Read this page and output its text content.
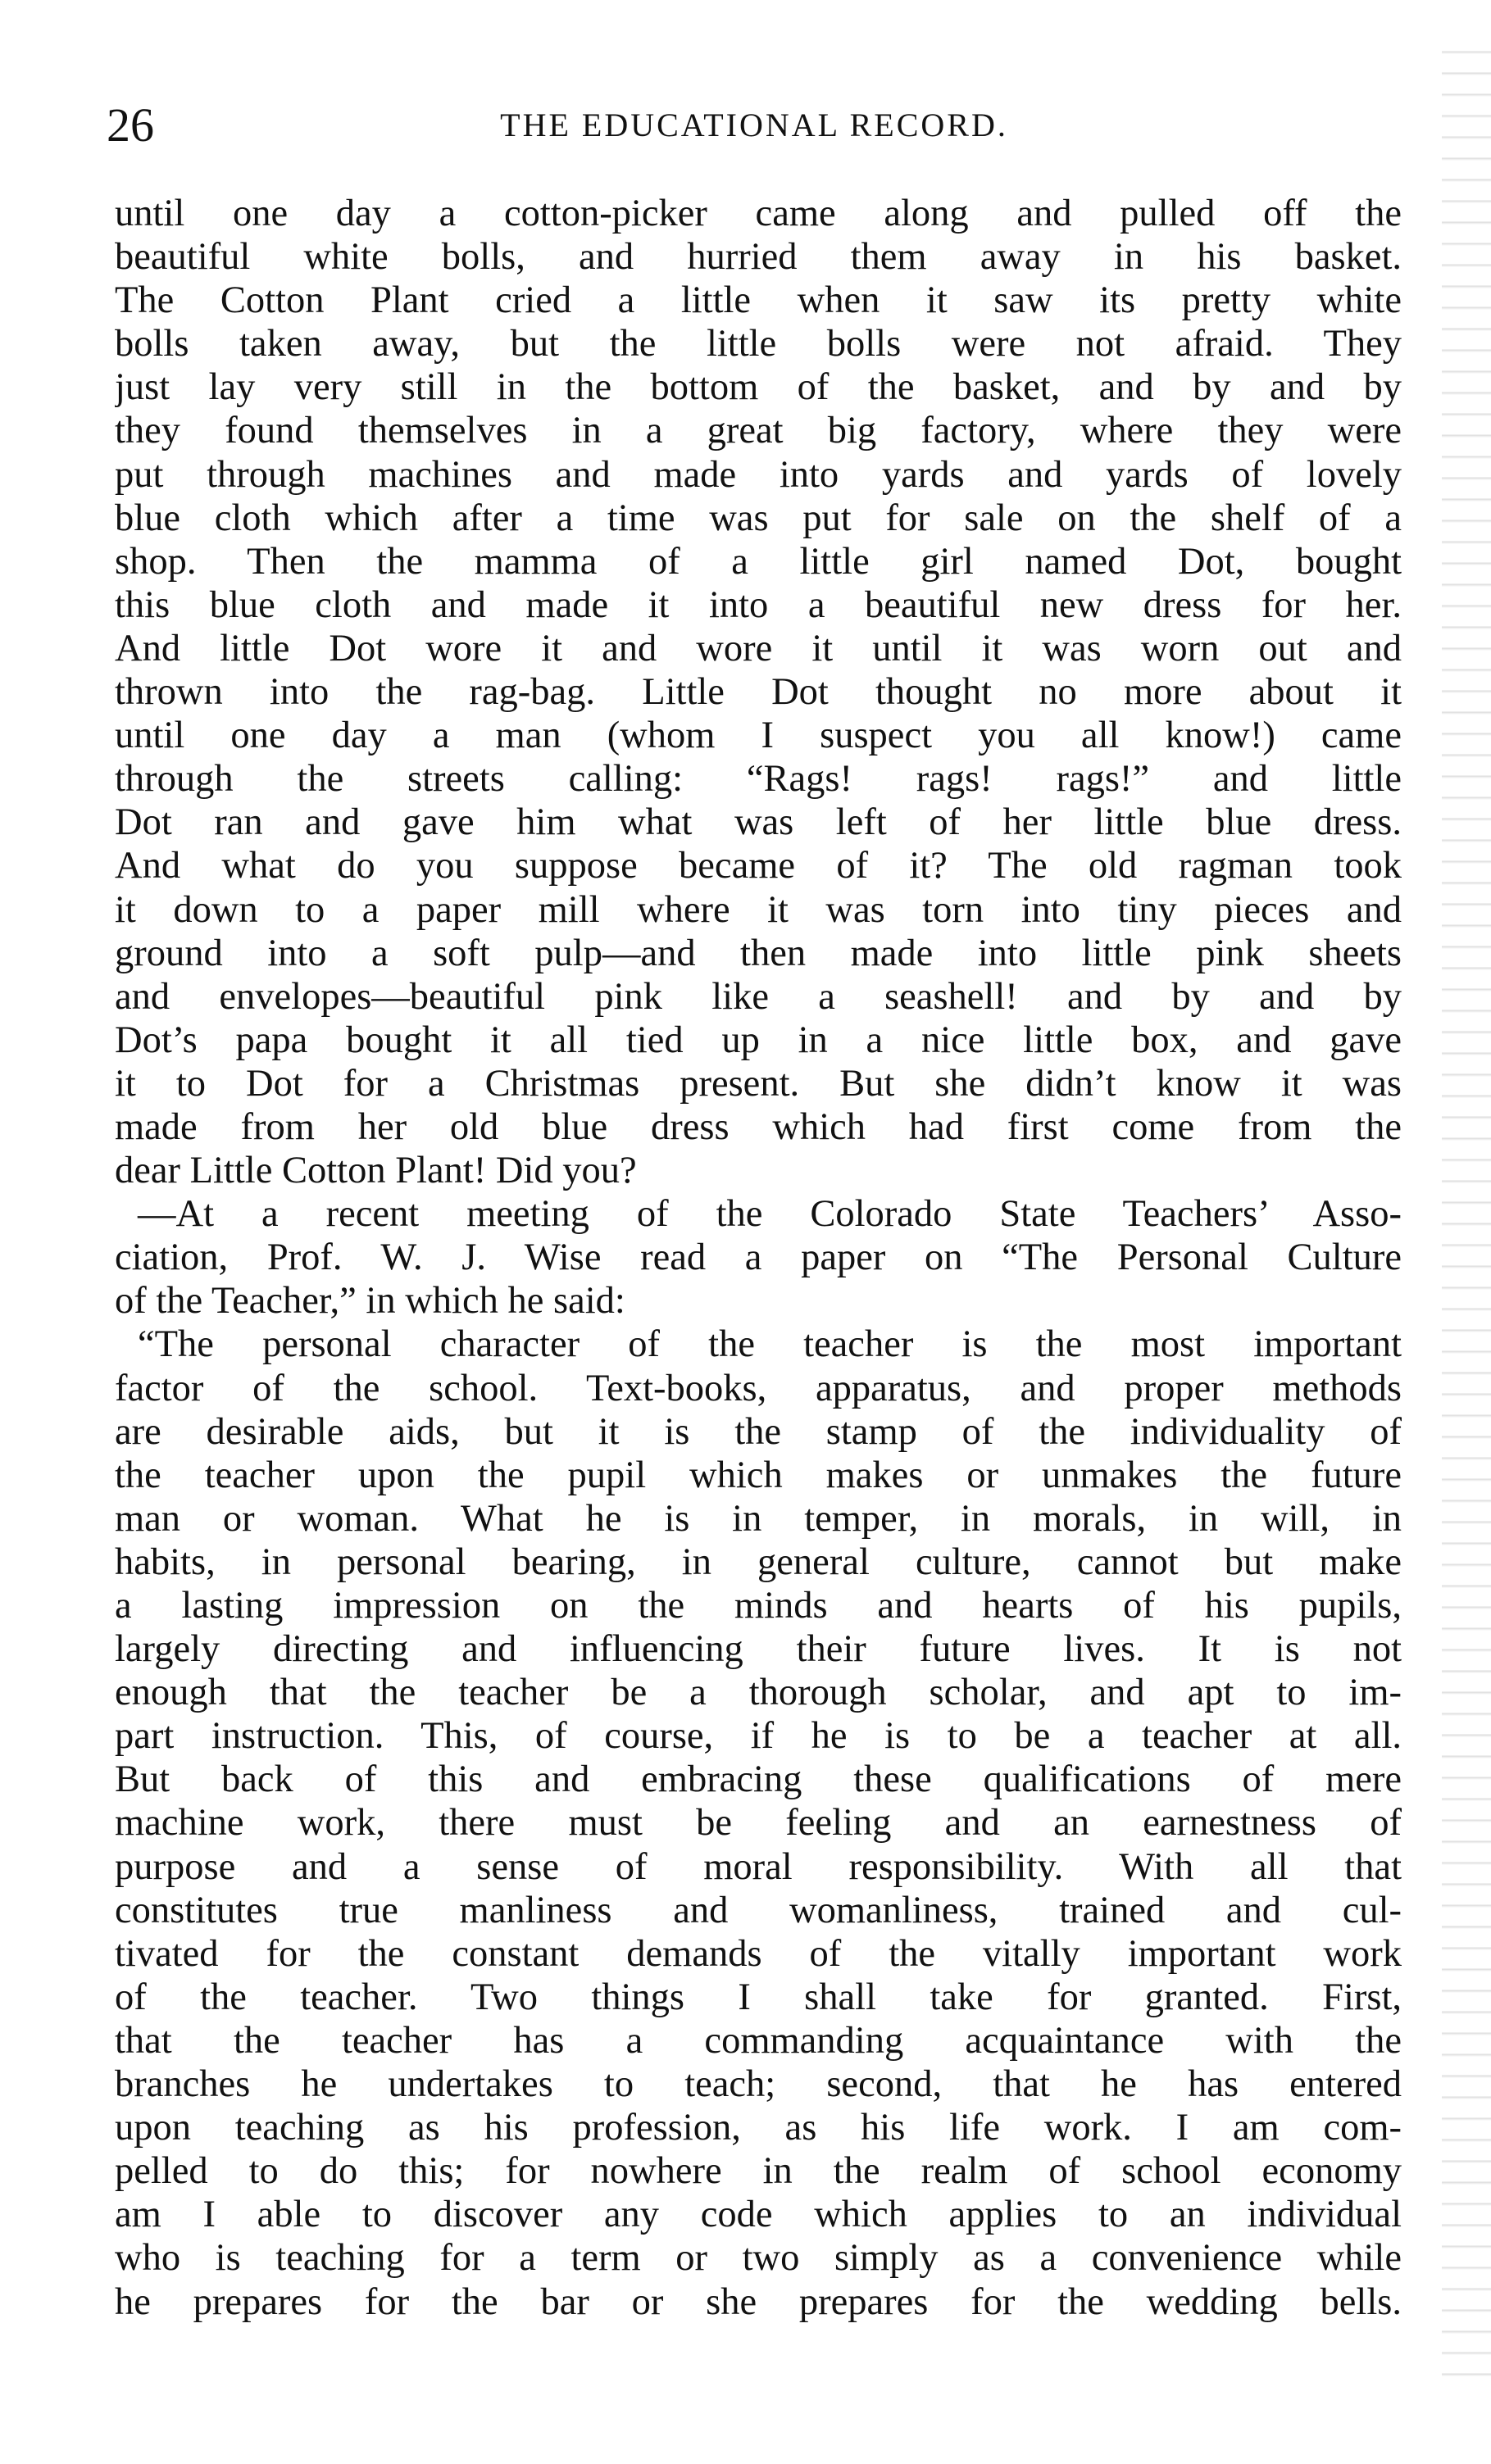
26	THE EDUCATIONAL RECORD.
until one day a cotton-picker came along and pulled off the
beautiful white bolls, and hurried them away in his basket.
The Cotton Plant cried a little when it saw its pretty white
bolls taken away, but the little bolls were not afraid. They
just lay very still in the bottom of the basket, and by and by
they found themselves in a great big factory, where they were
put through machines and made into yards and yards of lovely
blue cloth which after a time was put for sale on the shelf of a
shop. Then the mamma of a little girl named Dot, bought
this blue cloth and made it into a beautiful new dress for her.
And little Dot wore it and wore it until it was worn out and
thrown into the rag-bag. Little Dot thought no more about it
until one day a man (whom I suspect you all know!) came
through the streets calling: “Rags! rags! rags!” and little
Dot ran and gave him what was left of her little blue dress.
And what do you suppose became of it? The old ragman took
it down to a paper mill where it was torn into tiny pieces and
ground into a soft pulp—and then made into little pink sheets
and envelopes—beautiful pink like a seashell! and by and by
Dot’s papa bought it all tied up in a nice little box, and gave
it to Dot for a Christmas present. But she didn’t know it was
made from her old blue dress which had first come from the
dear Little Cotton Plant! Did you?
—At a recent meeting of the Colorado State Teachers’ Asso-
ciation, Prof. W. J. Wise read a paper on “The Personal Culture
of the Teacher,” in which he said:
“The personal character of the teacher is the most important
factor of the school. Text-books, apparatus, and proper methods
are desirable aids, but it is the stamp of the individuality of
the teacher upon the pupil which makes or unmakes the future
man or woman. What he is in temper, in morals, in will, in
habits, in personal bearing, in general culture, cannot but make
a lasting impression on the minds and hearts of his pupils,
largely directing and influencing their future lives. It is not
enough that the teacher be a thorough scholar, and apt to im-
part instruction. This, of course, if he is to be a teacher at all.
But back of this and embracing these qualifications of mere
machine work, there must be feeling and an earnestness of
purpose and a sense of moral responsibility. With all that
constitutes true manliness and womanliness, trained and cul-
tivated for the constant demands of the vitally important work
of the teacher. Two things I shall take for granted. First,
that the teacher has a commanding acquaintance with the
branches he undertakes to teach; second, that he has entered
upon teaching as his profession, as his life work. I am com-
pelled to do this; for nowhere in the realm of school economy
am I able to discover any code which applies to an individual
who is teaching for a term or two simply as a convenience while
he prepares for the bar or she prepares for the wedding bells.
